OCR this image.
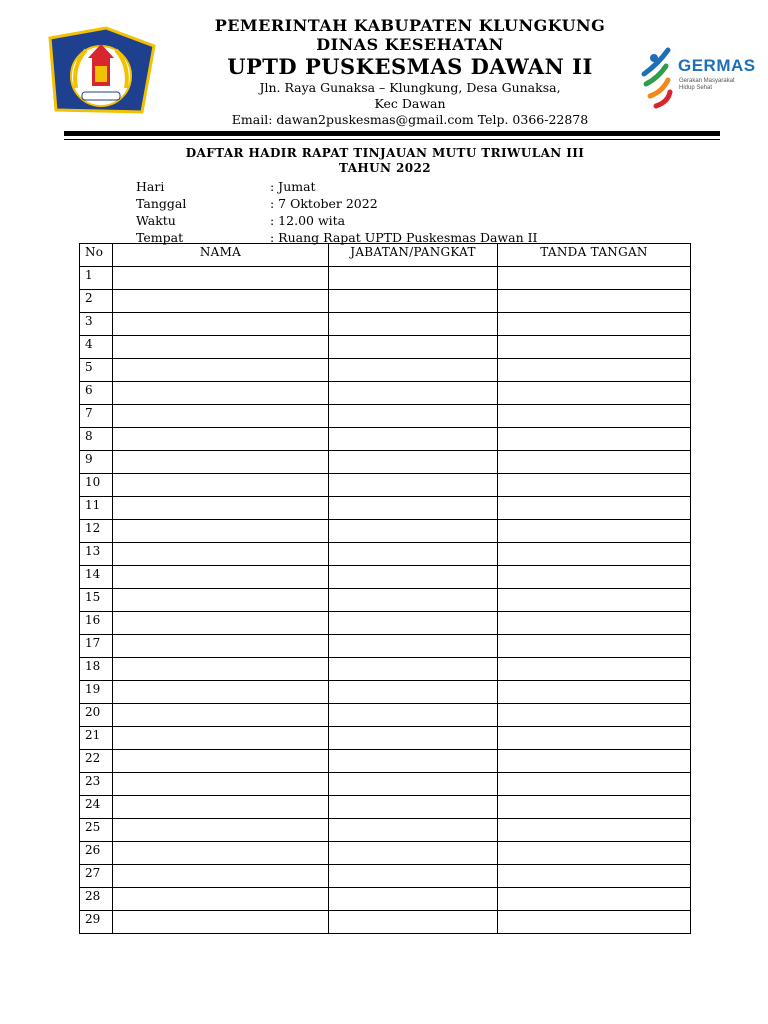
GERMAS
Gerakan Masyarakat
Hidup Sehat
PEMERINTAH KABUPATEN KLUNGKUNG
DINAS KESEHATAN
UPTD PUSKESMAS DAWAN II
Jln. Raya Gunaksa – Klungkung, Desa Gunaksa,
Kec Dawan
Email: dawan2puskesmas@gmail.com Telp. 0366-22878
DAFTAR HADIR RAPAT TINJAUAN MUTU TRIWULAN III
TAHUN 2022
Hari	: Jumat
Tanggal	: 7 Oktober 2022
Waktu	: 12.00 wita
Tempat	: Ruang Rapat UPTD Puskesmas Dawan II
No	NAMA	JABATAN/PANGKAT	TANDA TANGAN
1			
2			
3			
4			
5			
6			
7			
8			
9			
10			
11			
12			
13			
14			
15			
16			
17			
18			
19			
20			
21			
22			
23			
24			
25			
26			
27			
28			
29			
